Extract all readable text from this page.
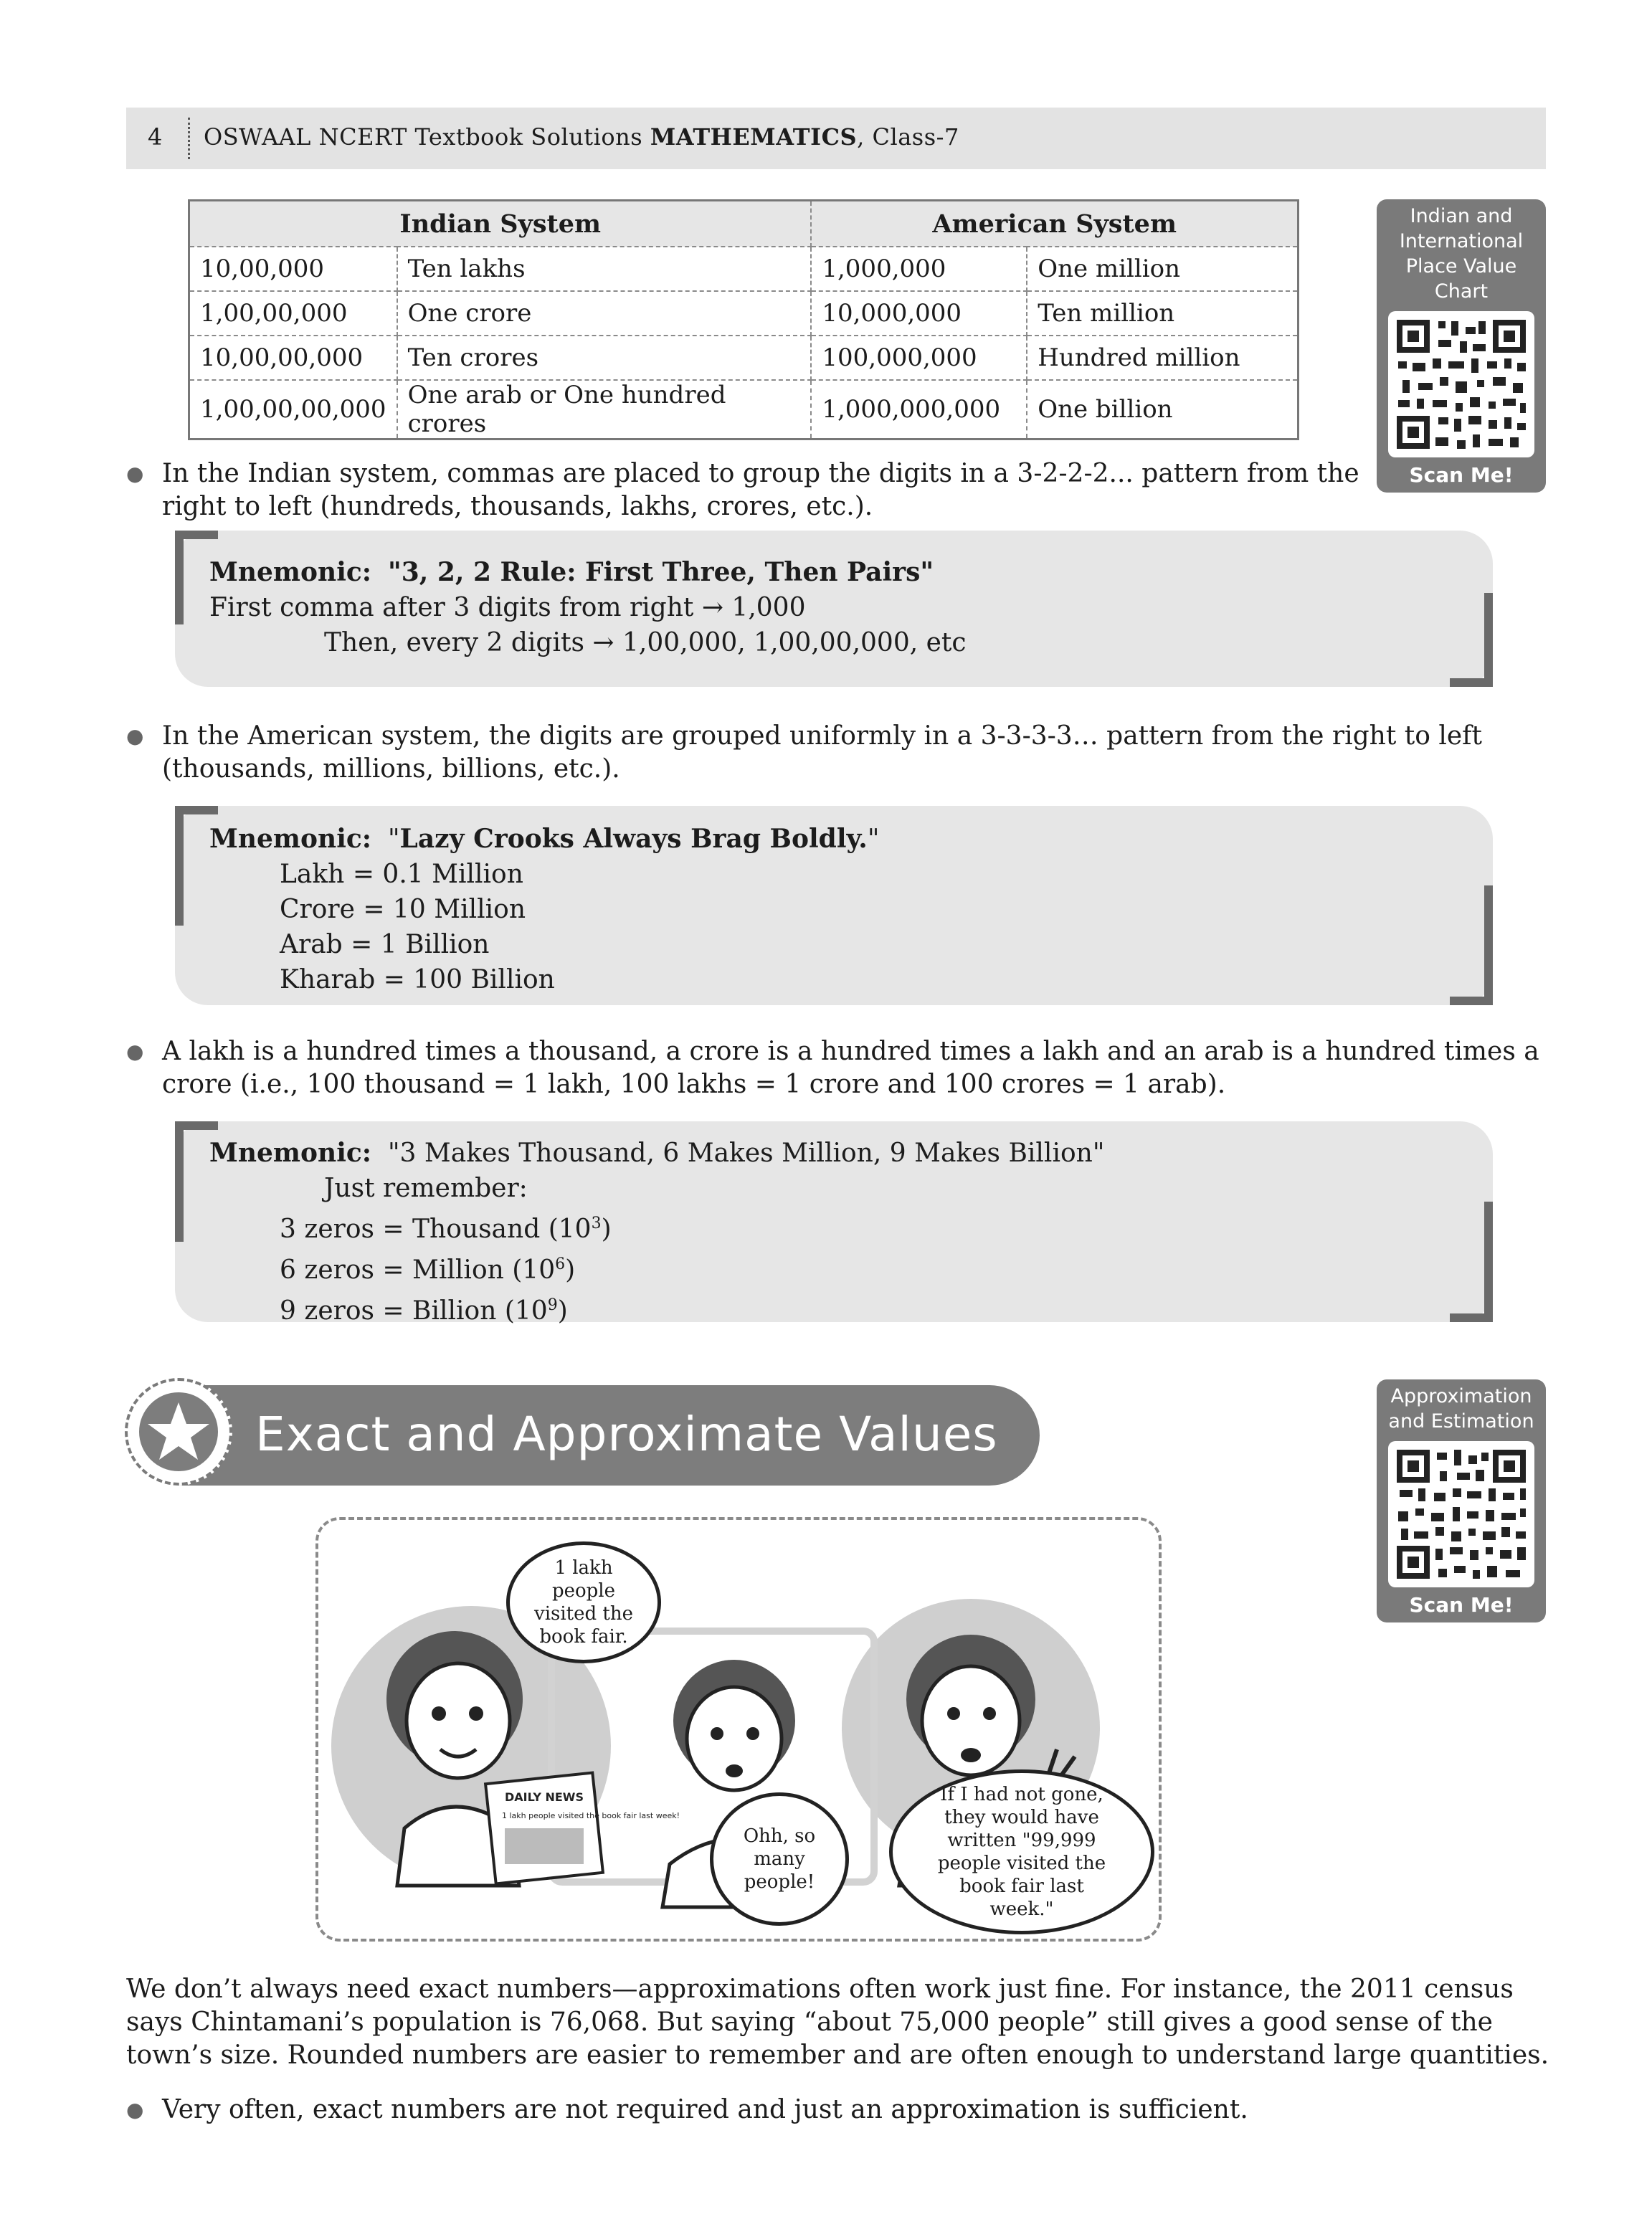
4 OSWAAL NCERT Textbook Solutions MATHEMATICS, Class-7
Indian System		American System	
10,00,000	Ten lakhs	1,000,000	One million
1,00,00,000	One crore	10,000,000	Ten million
10,00,00,000	Ten crores	100,000,000	Hundred million
1,00,00,00,000	One arab or One hundred crores	1,000,000,000	One billion
Indian and
International
Place Value
Chart
Scan Me!
● In the Indian system, commas are placed to group the digits in a 3-2-2-2... pattern from the right to left (hundreds, thousands, lakhs, crores, etc.).
Mnemonic: "3, 2, 2 Rule: First Three, Then Pairs"
First comma after 3 digits from right → 1,000
Then, every 2 digits → 1,00,000, 1,00,00,000, etc
● In the American system, the digits are grouped uniformly in a 3-3-3-3… pattern from the right to left (thousands, millions, billions, etc.).
Mnemonic: "Lazy Crooks Always Brag Boldly."
Lakh = 0.1 Million
Crore = 10 Million
Arab = 1 Billion
Kharab = 100 Billion
● A lakh is a hundred times a thousand, a crore is a hundred times a lakh and an arab is a hundred times a crore (i.e., 100 thousand = 1 lakh, 100 lakhs = 1 crore and 100 crores = 1 arab).
Mnemonic: "3 Makes Thousand, 6 Makes Million, 9 Makes Billion"
Just remember:
3 zeros = Thousand $(10^3)$
6 zeros = Million $(10^6)$
9 zeros = Billion $(10^9)$
Exact and Approximate Values
Approximation
and Estimation
Scan Me!
DAILY NEWS
1 lakh people visited the book fair last week!
1 lakh people visited the book fair.
Ohh, so many people!
If I had not gone, they would have written "99,999 people visited the book fair last week."
We don’t always need exact numbers—approximations often work just fine. For instance, the 2011 census says Chintamani’s population is 76,068. But saying “about 75,000 people” still gives a good sense of the town’s size. Rounded numbers are easier to remember and are often enough to understand large quantities.
● Very often, exact numbers are not required and just an approximation is sufficient.
